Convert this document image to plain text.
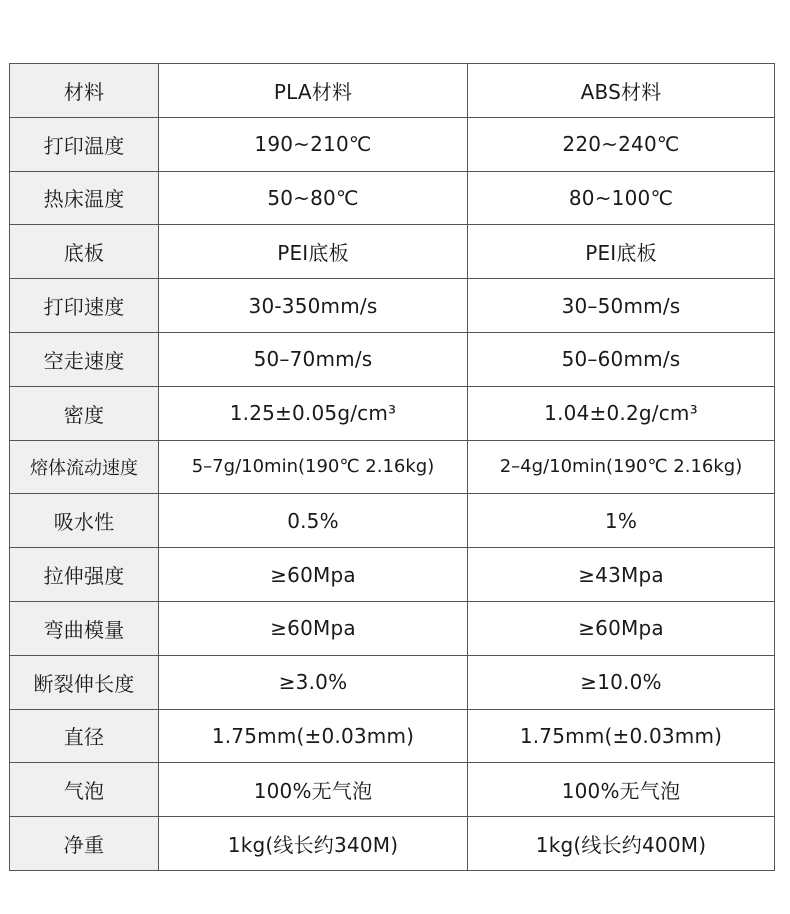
材料	PLA材料	ABS材料
打印温度	190~210℃	220~240℃
热床温度	50~80℃	80~100℃
底板	PEI底板	PEI底板
打印速度	30-350mm/s	30–50mm/s
空走速度	50–70mm/s	50–60mm/s
密度	1.25±0.05g/cm³	1.04±0.2g/cm³
熔体流动速度	5–7g/10min(190℃ 2.16kg)	2–4g/10min(190℃ 2.16kg)
吸水性	0.5%	1%
拉伸强度	≥60Mpa	≥43Mpa
弯曲模量	≥60Mpa	≥60Mpa
断裂伸长度	≥3.0%	≥10.0%
直径	1.75mm(±0.03mm)	1.75mm(±0.03mm)
气泡	100%无气泡	100%无气泡
净重	1kg(线长约340M)	1kg(线长约400M)
